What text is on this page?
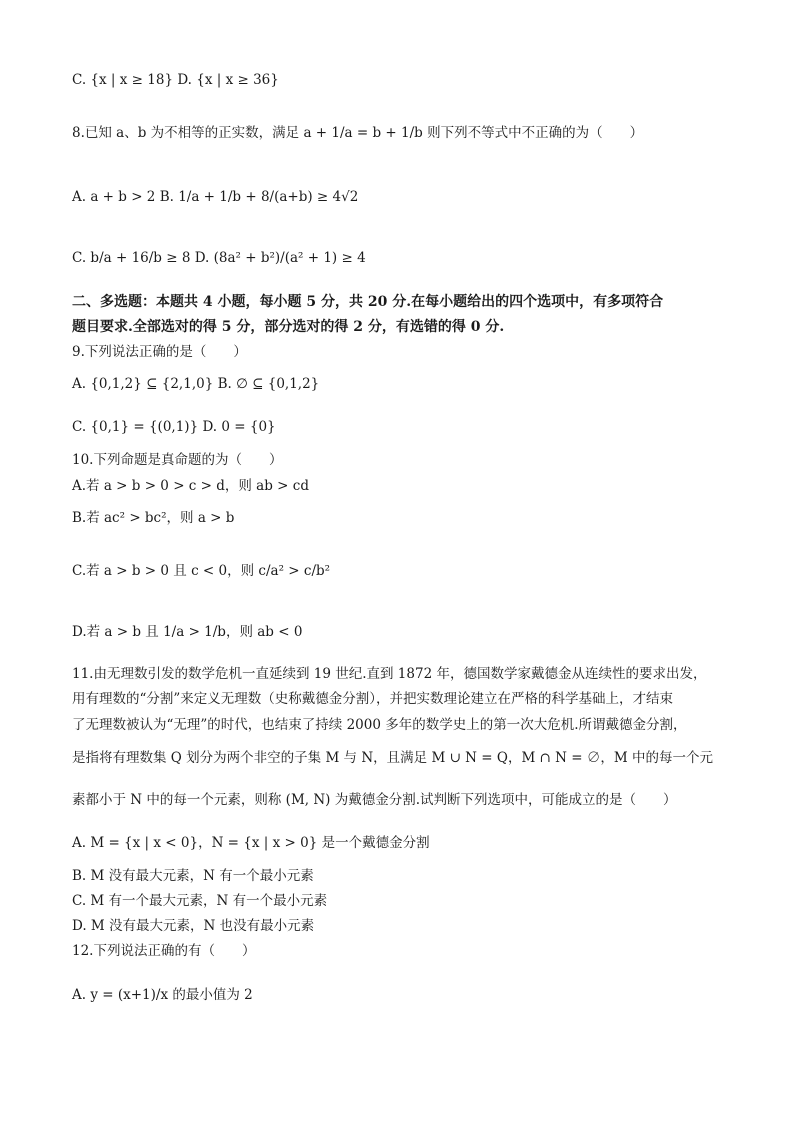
C. {x | x ≥ 18} D. {x | x ≥ 36}
8.已知 a、b 为不相等的正实数，满足 a + 1/a = b + 1/b 则下列不等式中不正确的为（　　）
A. a + b > 2 B. 1/a + 1/b + 8/(a+b) ≥ 4√2
C. b/a + 16/b ≥ 8 D. (8a² + b²)/(a² + 1) ≥ 4
二、多选题：本题共 4 小题，每小题 5 分，共 20 分.在每小题给出的四个选项中，有多项符合
题目要求.全部选对的得 5 分，部分选对的得 2 分，有选错的得 0 分.
9.下列说法正确的是（　　）
A. {0,1,2} ⊆ {2,1,0} B. ∅ ⊆ {0,1,2}
C. {0,1} = {(0,1)} D. 0 = {0}
10.下列命题是真命题的为（　　）
A.若 a > b > 0 > c > d，则 ab > cd
B.若 ac² > bc²，则 a > b
C.若 a > b > 0 且 c < 0，则 c/a² > c/b²
D.若 a > b 且 1/a > 1/b，则 ab < 0
11.由无理数引发的数学危机一直延续到 19 世纪.直到 1872 年，德国数学家戴德金从连续性的要求出发，
用有理数的“分割”来定义无理数（史称戴德金分割），并把实数理论建立在严格的科学基础上，才结束
了无理数被认为“无理”的时代，也结束了持续 2000 多年的数学史上的第一次大危机.所谓戴德金分割，
是指将有理数集 Q 划分为两个非空的子集 M 与 N，且满足 M ∪ N = Q，M ∩ N = ∅，M 中的每一个元
素都小于 N 中的每一个元素，则称 (M, N) 为戴德金分割.试判断下列选项中，可能成立的是（　　）
A. M = {x | x < 0}，N = {x | x > 0} 是一个戴德金分割
B. M 没有最大元素，N 有一个最小元素
C. M 有一个最大元素，N 有一个最小元素
D. M 没有最大元素，N 也没有最小元素
12.下列说法正确的有（　　）
A. y = (x+1)/x 的最小值为 2
